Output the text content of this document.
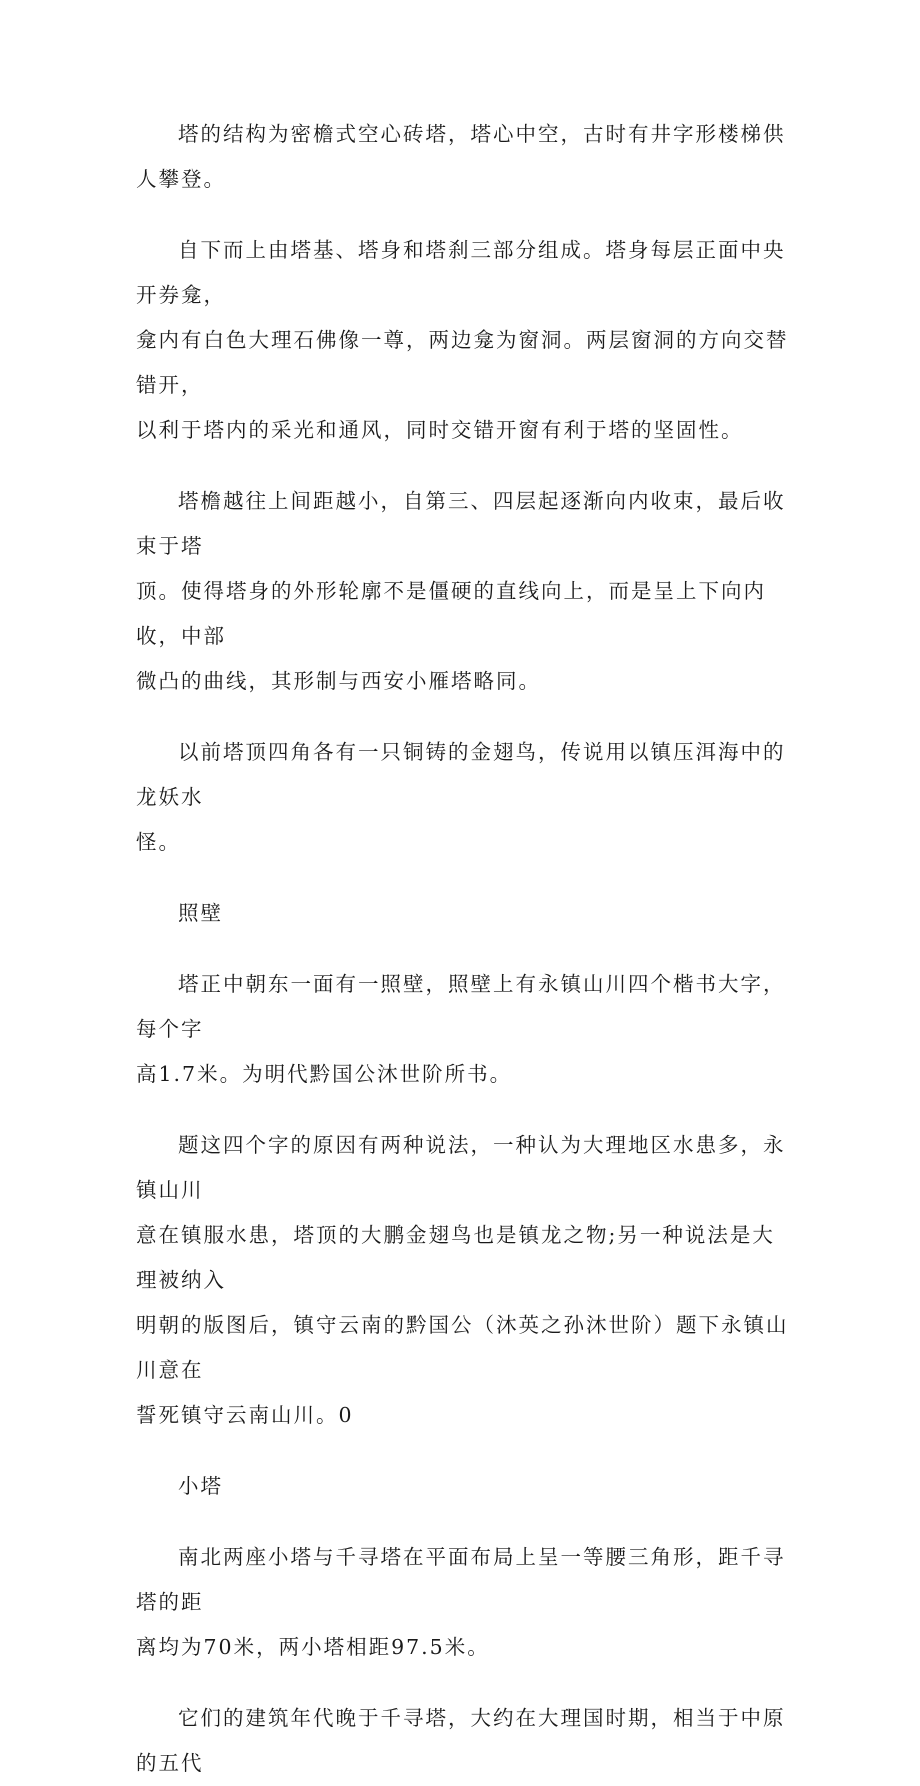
塔的结构为密檐式空心砖塔，塔心中空，古时有井字形楼梯供人攀登。

自下而上由塔基、塔身和塔刹三部分组成。塔身每层正面中央开券龛，
龛内有白色大理石佛像一尊，两边龛为窗洞。两层窗洞的方向交替错开，
以利于塔内的采光和通风，同时交错开窗有利于塔的坚固性。

塔檐越往上间距越小，自第三、四层起逐渐向内收束，最后收束于塔
顶。使得塔身的外形轮廓不是僵硬的直线向上，而是呈上下向内收，中部
微凸的曲线，其形制与西安小雁塔略同。

以前塔顶四角各有一只铜铸的金翅鸟，传说用以镇压洱海中的龙妖水
怪。

照壁

塔正中朝东一面有一照壁，照壁上有永镇山川四个楷书大字，每个字
高1.7米。为明代黔国公沐世阶所书。

题这四个字的原因有两种说法，一种认为大理地区水患多，永镇山川
意在镇服水患，塔顶的大鹏金翅鸟也是镇龙之物;另一种说法是大理被纳入
明朝的版图后，镇守云南的黔国公（沐英之孙沐世阶）题下永镇山川意在
誓死镇守云南山川。0

小塔

南北两座小塔与千寻塔在平面布局上呈一等腰三角形，距千寻塔的距
离均为70米，两小塔相距97.5米。

它们的建筑年代晚于千寻塔，大约在大理国时期，相当于中原的五代
